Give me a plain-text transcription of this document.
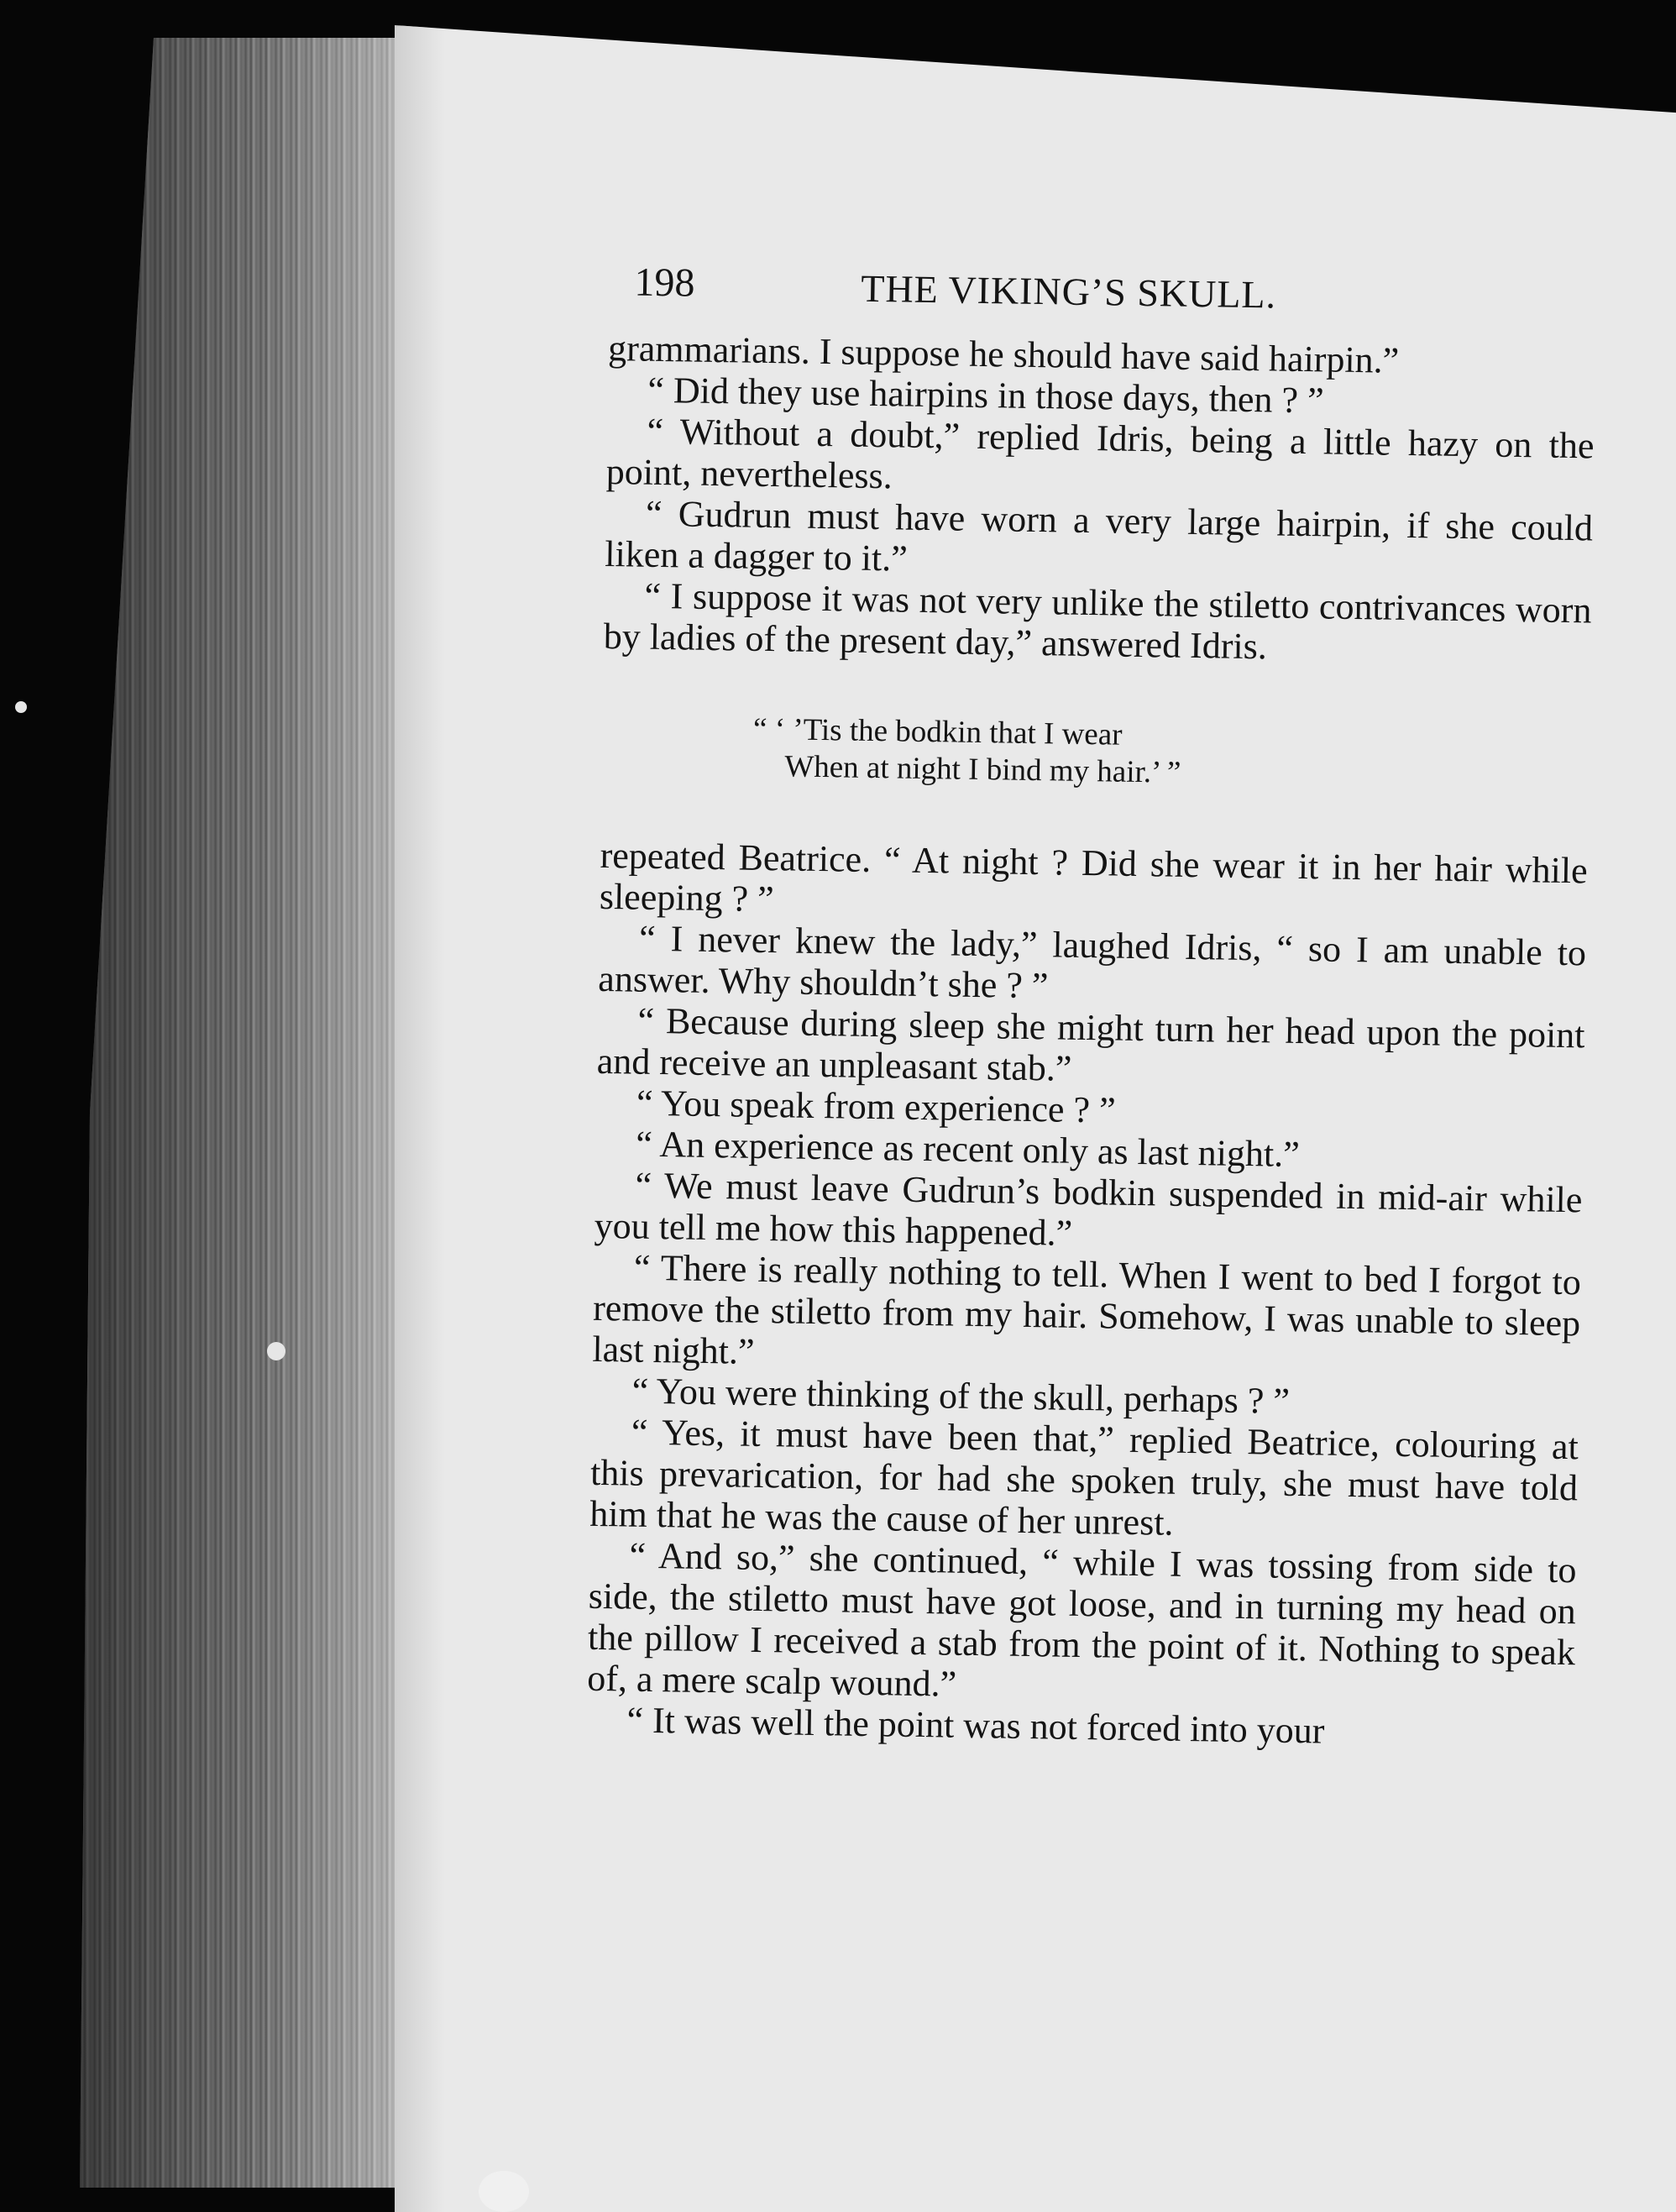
198	THE VIKING’S SKULL.

grammarians. I suppose he should have said hairpin.”

“ Did they use hairpins in those days, then ? ”

“ Without a doubt,” replied Idris, being a little hazy on the point, nevertheless.

“ Gudrun must have worn a very large hairpin, if she could liken a dagger to it.”

“ I suppose it was not very unlike the stiletto contrivances worn by ladies of the present day,” answered Idris.

“ ‘ ’Tis the bodkin that I wear
When at night I bind my hair.’ ”

repeated Beatrice. “ At night ? Did she wear it in her hair while sleeping ? ”

“ I never knew the lady,” laughed Idris, “ so I am unable to answer. Why shouldn’t she ? ”

“ Because during sleep she might turn her head upon the point and receive an unpleasant stab.”

“ You speak from experience ? ”

“ An experience as recent only as last night.”

“ We must leave Gudrun’s bodkin suspended in mid-air while you tell me how this happened.”

“ There is really nothing to tell. When I went to bed I forgot to remove the stiletto from my hair. Somehow, I was unable to sleep last night.”

“ You were thinking of the skull, perhaps ? ”

“ Yes, it must have been that,” replied Beatrice, colouring at this prevarication, for had she spoken truly, she must have told him that he was the cause of her unrest.

“ And so,” she continued, “ while I was tossing from side to side, the stiletto must have got loose, and in turning my head on the pillow I received a stab from the point of it. Nothing to speak of, a mere scalp wound.”

“ It was well the point was not forced into your
